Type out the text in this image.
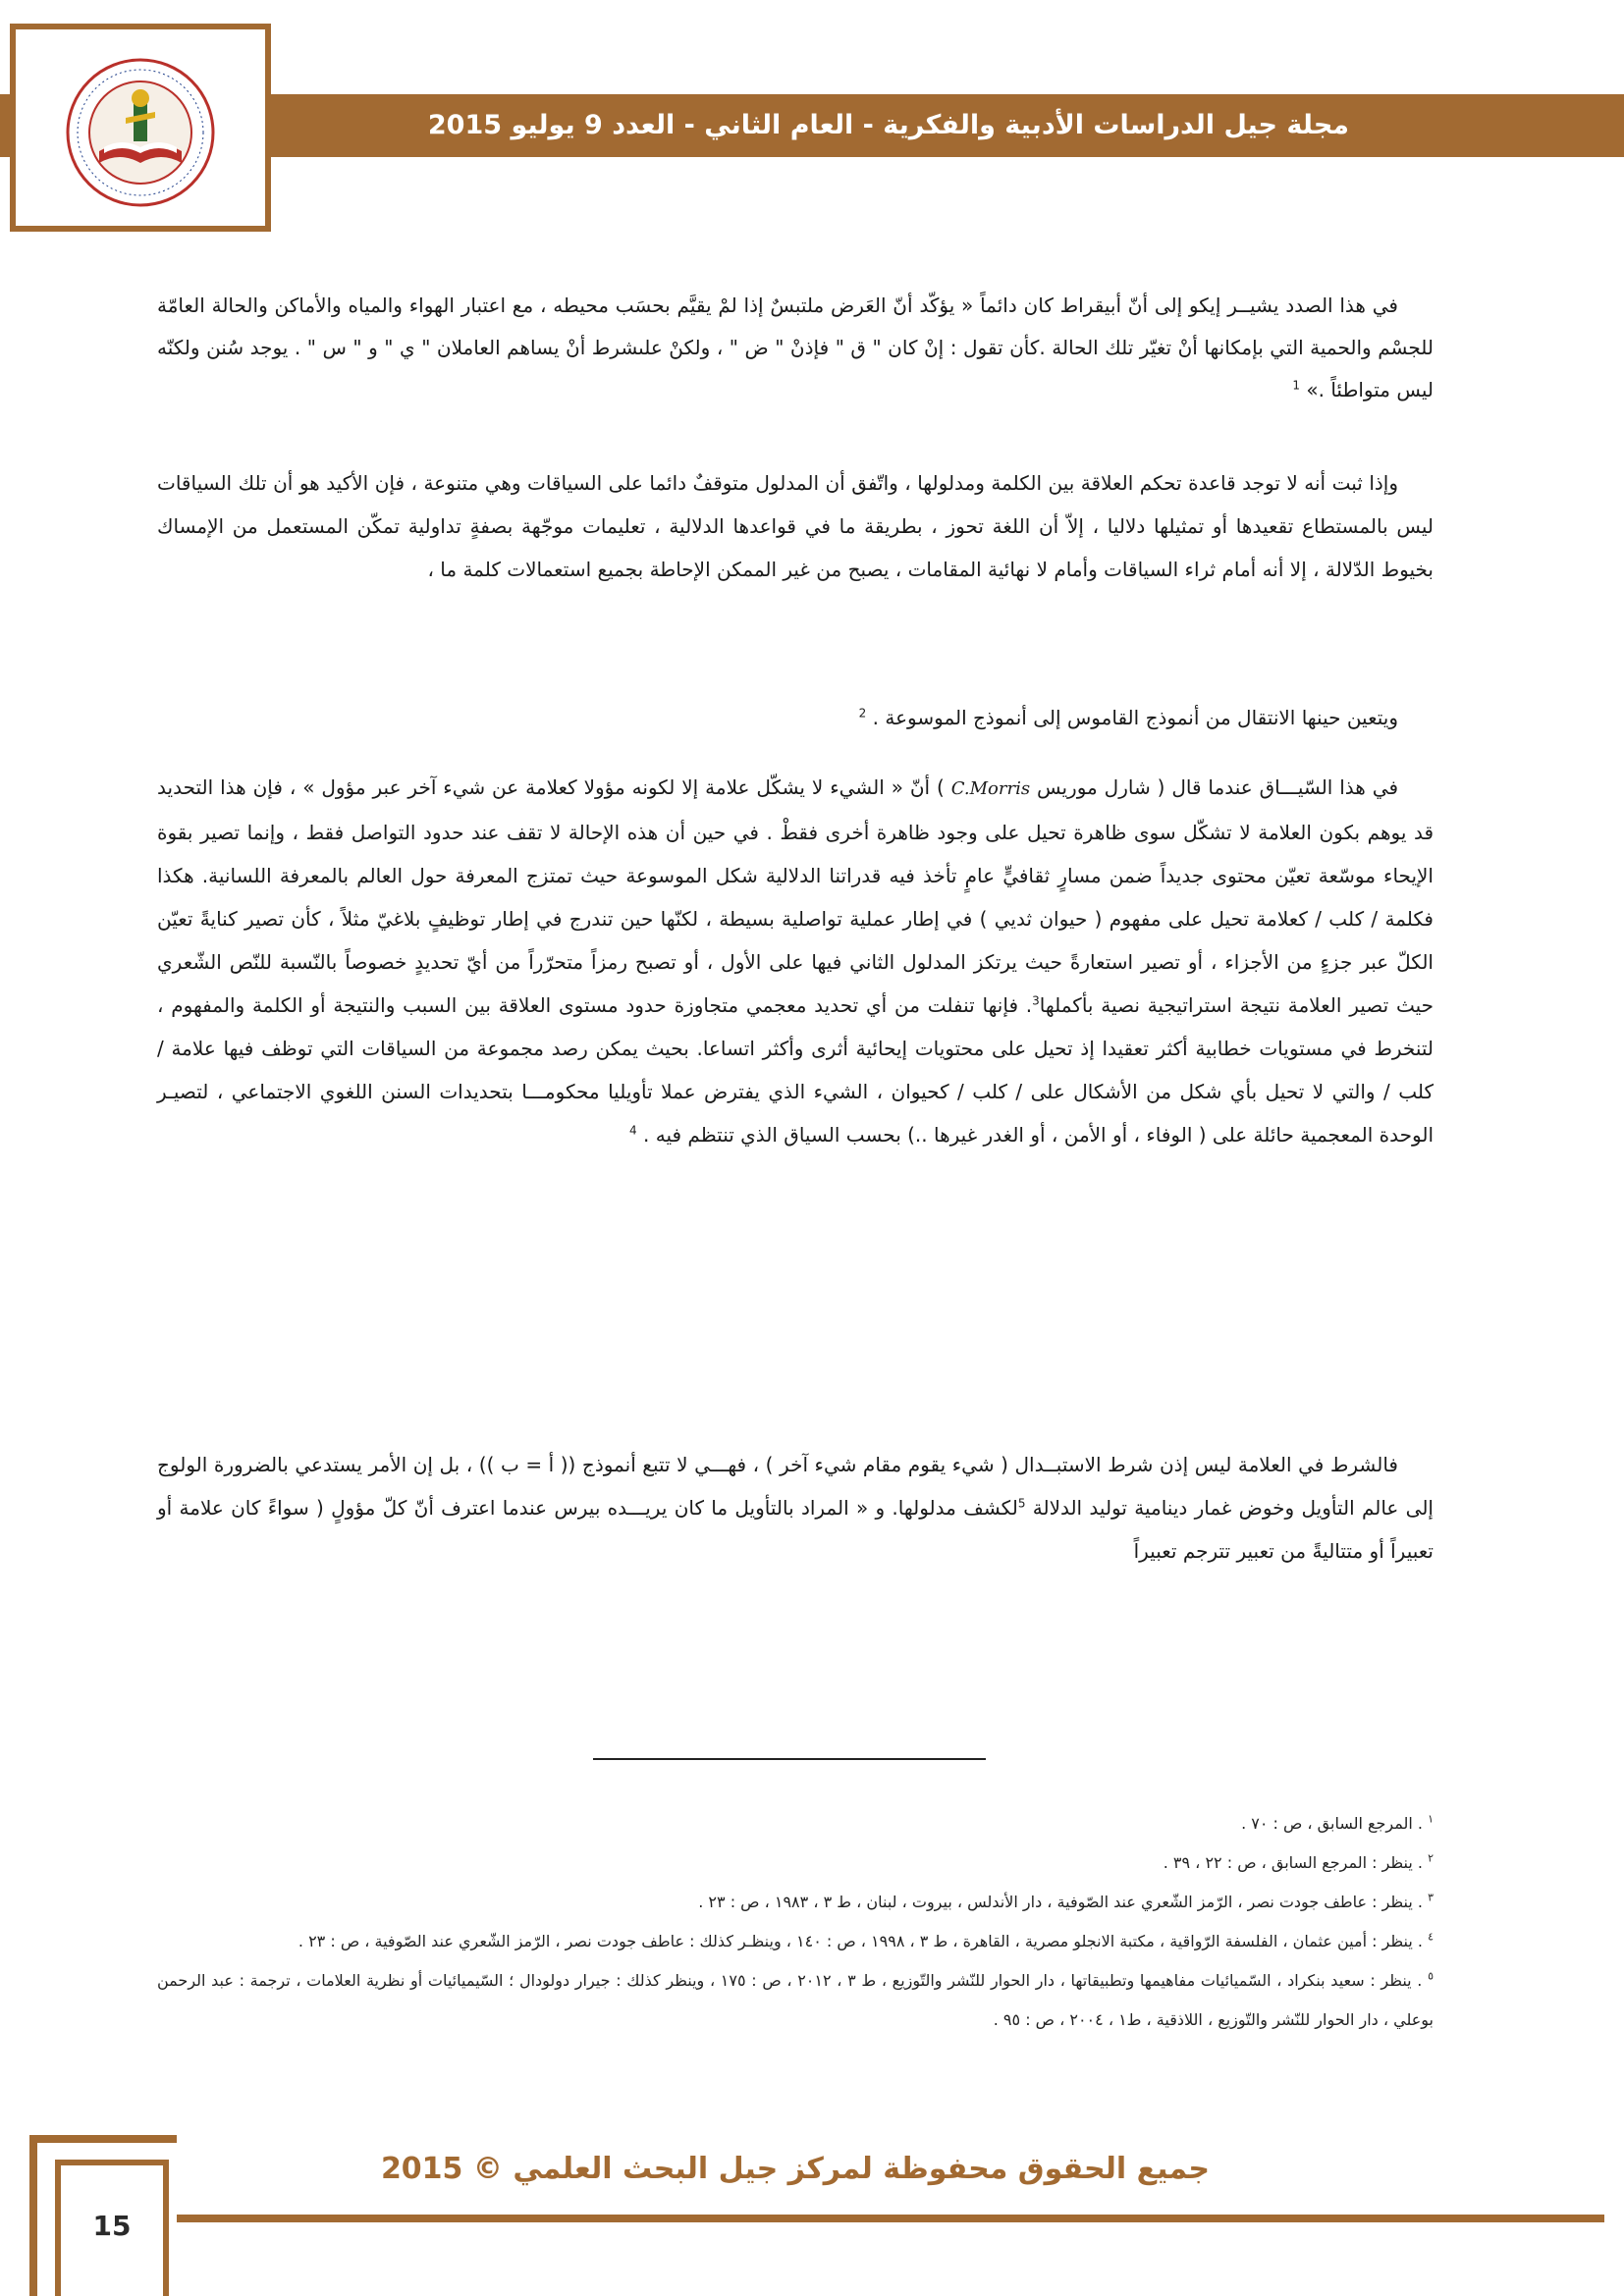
مجلة جيل الدراسات الأدبية والفكرية - العام الثاني - العدد 9 يوليو 2015

في هذا الصدد يشيــر إيكو إلى أنّ أبيقراط كان دائماً « يؤكّد أنّ العَرض ملتبسٌ إذا لمْ يقيَّم بحسَب محيطه ، مع اعتبار الهواء والمياه والأماكن والحالة العامّة للجسْم والحمية التي بإمكانها أنْ تغيّر تلك الحالة .كأن تقول : إنْ كان " ق " فإذنْ " ض " ، ولكنْ علىشرط أنْ يساهم العاملان " ي " و " س " . يوجد سُنن ولكنّه ليس متواطئاً .» $^1$

وإذا ثبت أنه لا توجد قاعدة تحكم العلاقة بين الكلمة ومدلولها ، واتّفق أن المدلول متوقفٌ دائما على السياقات وهي متنوعة ، فإن الأكيد هو أن تلك السياقات ليس بالمستطاع تقعيدها أو تمثيلها دلاليا ، إلاّ أن اللغة تحوز ، بطريقة ما في قواعدها الدلالية ، تعليمات موجّهة بصفةٍ تداولية تمكّن المستعمل من الإمساك بخيوط الدّلالة ، إلا أنه أمام ثراء السياقات وأمام لا نهائية المقامات ، يصبح من غير الممكن الإحاطة بجميع استعمالات كلمة ما ،

ويتعين حينها الانتقال من أنموذج القاموس إلى أنموذج الموسوعة . $^2$

في هذا السّيـــاق عندما قال ( شارل موريس C.Morris ) أنّ « الشيء لا يشكّل علامة إلا لكونه مؤولا كعلامة عن شيء آخر عبر مؤول » ، فإن هذا التحديد قد يوهم بكون العلامة لا تشكّل سوى ظاهرة تحيل على وجود ظاهرة أخرى فقطْ . في حين أن هذه الإحالة لا تقف عند حدود التواصل فقط ، وإنما تصير بقوة الإيحاء موسّعة تعيّن محتوى جديداً ضمن مسارٍ ثقافيٍّ عامٍ تأخذ فيه قدراتنا الدلالية شكل الموسوعة حيث تمتزج المعرفة حول العالم بالمعرفة اللسانية. هكذا فكلمة / كلب / كعلامة تحيل على مفهوم ( حيوان ثديي ) في إطار عملية تواصلية بسيطة ، لكنّها حين تندرج في إطار توظيفٍ بلاغيّ مثلاً ، كأن تصير كنايةً تعيّن الكلّ عبر جزءٍ من الأجزاء ، أو تصير استعارةً حيث يرتكز المدلول الثاني فيها على الأول ، أو تصبح رمزاً متحرّراً من أيّ تحديدٍ خصوصاً بالنّسبة للنّص الشّعري حيث تصير العلامة نتيجة استراتيجية نصية بأكملها$^3$. فإنها تنفلت من أي تحديد معجمي متجاوزة حدود مستوى العلاقة بين السبب والنتيجة أو الكلمة والمفهوم ، لتنخرط في مستويات خطابية أكثر تعقيدا إذ تحيل على محتويات إيحائية أثرى وأكثر اتساعا. بحيث يمكن رصد مجموعة من السياقات التي توظف فيها علامة / كلب / والتي لا تحيل بأي شكل من الأشكال على / كلب / كحيوان ، الشيء الذي يفترض عملا تأويليا محكومـــا بتحديدات السنن اللغوي الاجتماعي ، لتصيـر الوحدة المعجمية حائلة على ( الوفاء ، أو الأمن ، أو الغدر غيرها ..) بحسب السياق الذي تنتظم فيه . $^4$

فالشرط في العلامة ليس إذن شرط الاستبــدال ( شيء يقوم مقام شيء آخر ) ، فهـــي لا تتبع أنموذج (( أ = ب )) ، بل إن الأمر يستدعي بالضرورة الولوج إلى عالم التأويل وخوض غمار دينامية توليد الدلالة $^5$لكشف مدلولها. و « المراد بالتأويل ما كان يريـــده بيرس عندما اعترف أنّ كلّ مؤولٍ ( سواءً كان علامة أو تعبيراً أو متتاليةً من تعبير تترجم تعبيراً

$^١$ . المرجع السابق ، ص : ٧٠ .

$^٢$ . ينظر : المرجع السابق ، ص : ٢٢ ، ٣٩ .

$^٣$ . ينظر : عاطف جودت نصر ، الرّمز الشّعري عند الصّوفية ، دار الأندلس ، بيروت ، لبنان ، ط ٣ ، ١٩٨٣ ، ص : ٢٣ .

$^٤$ . ينظر : أمين عثمان ، الفلسفة الرّواقية ، مكتبة الانجلو مصرية ، القاهرة ، ط ٣ ، ١٩٩٨ ، ص : ١٤٠ ، وينظـر كذلك : عاطف جودت نصر ، الرّمز الشّعري عند الصّوفية ، ص : ٢٣ .

$^٥$ . ينظر : سعيد بنكراد ، السّميائيات مفاهيمها وتطبيقاتها ، دار الحوار للنّشر والتّوزيع ، ط ٣ ، ٢٠١٢ ، ص : ١٧٥ ، وينظر كذلك : جيرار دولودال ؛ السّيميائيات أو نظرية العلامات ، ترجمة : عبد الرحمن بوعلي ، دار الحوار للنّشر والتّوزيع ، اللاذقية ، ط١ ، ٢٠٠٤ ، ص : ٩٥ .

15
جميع الحقوق محفوظة لمركز جيل البحث العلمي © 2015
